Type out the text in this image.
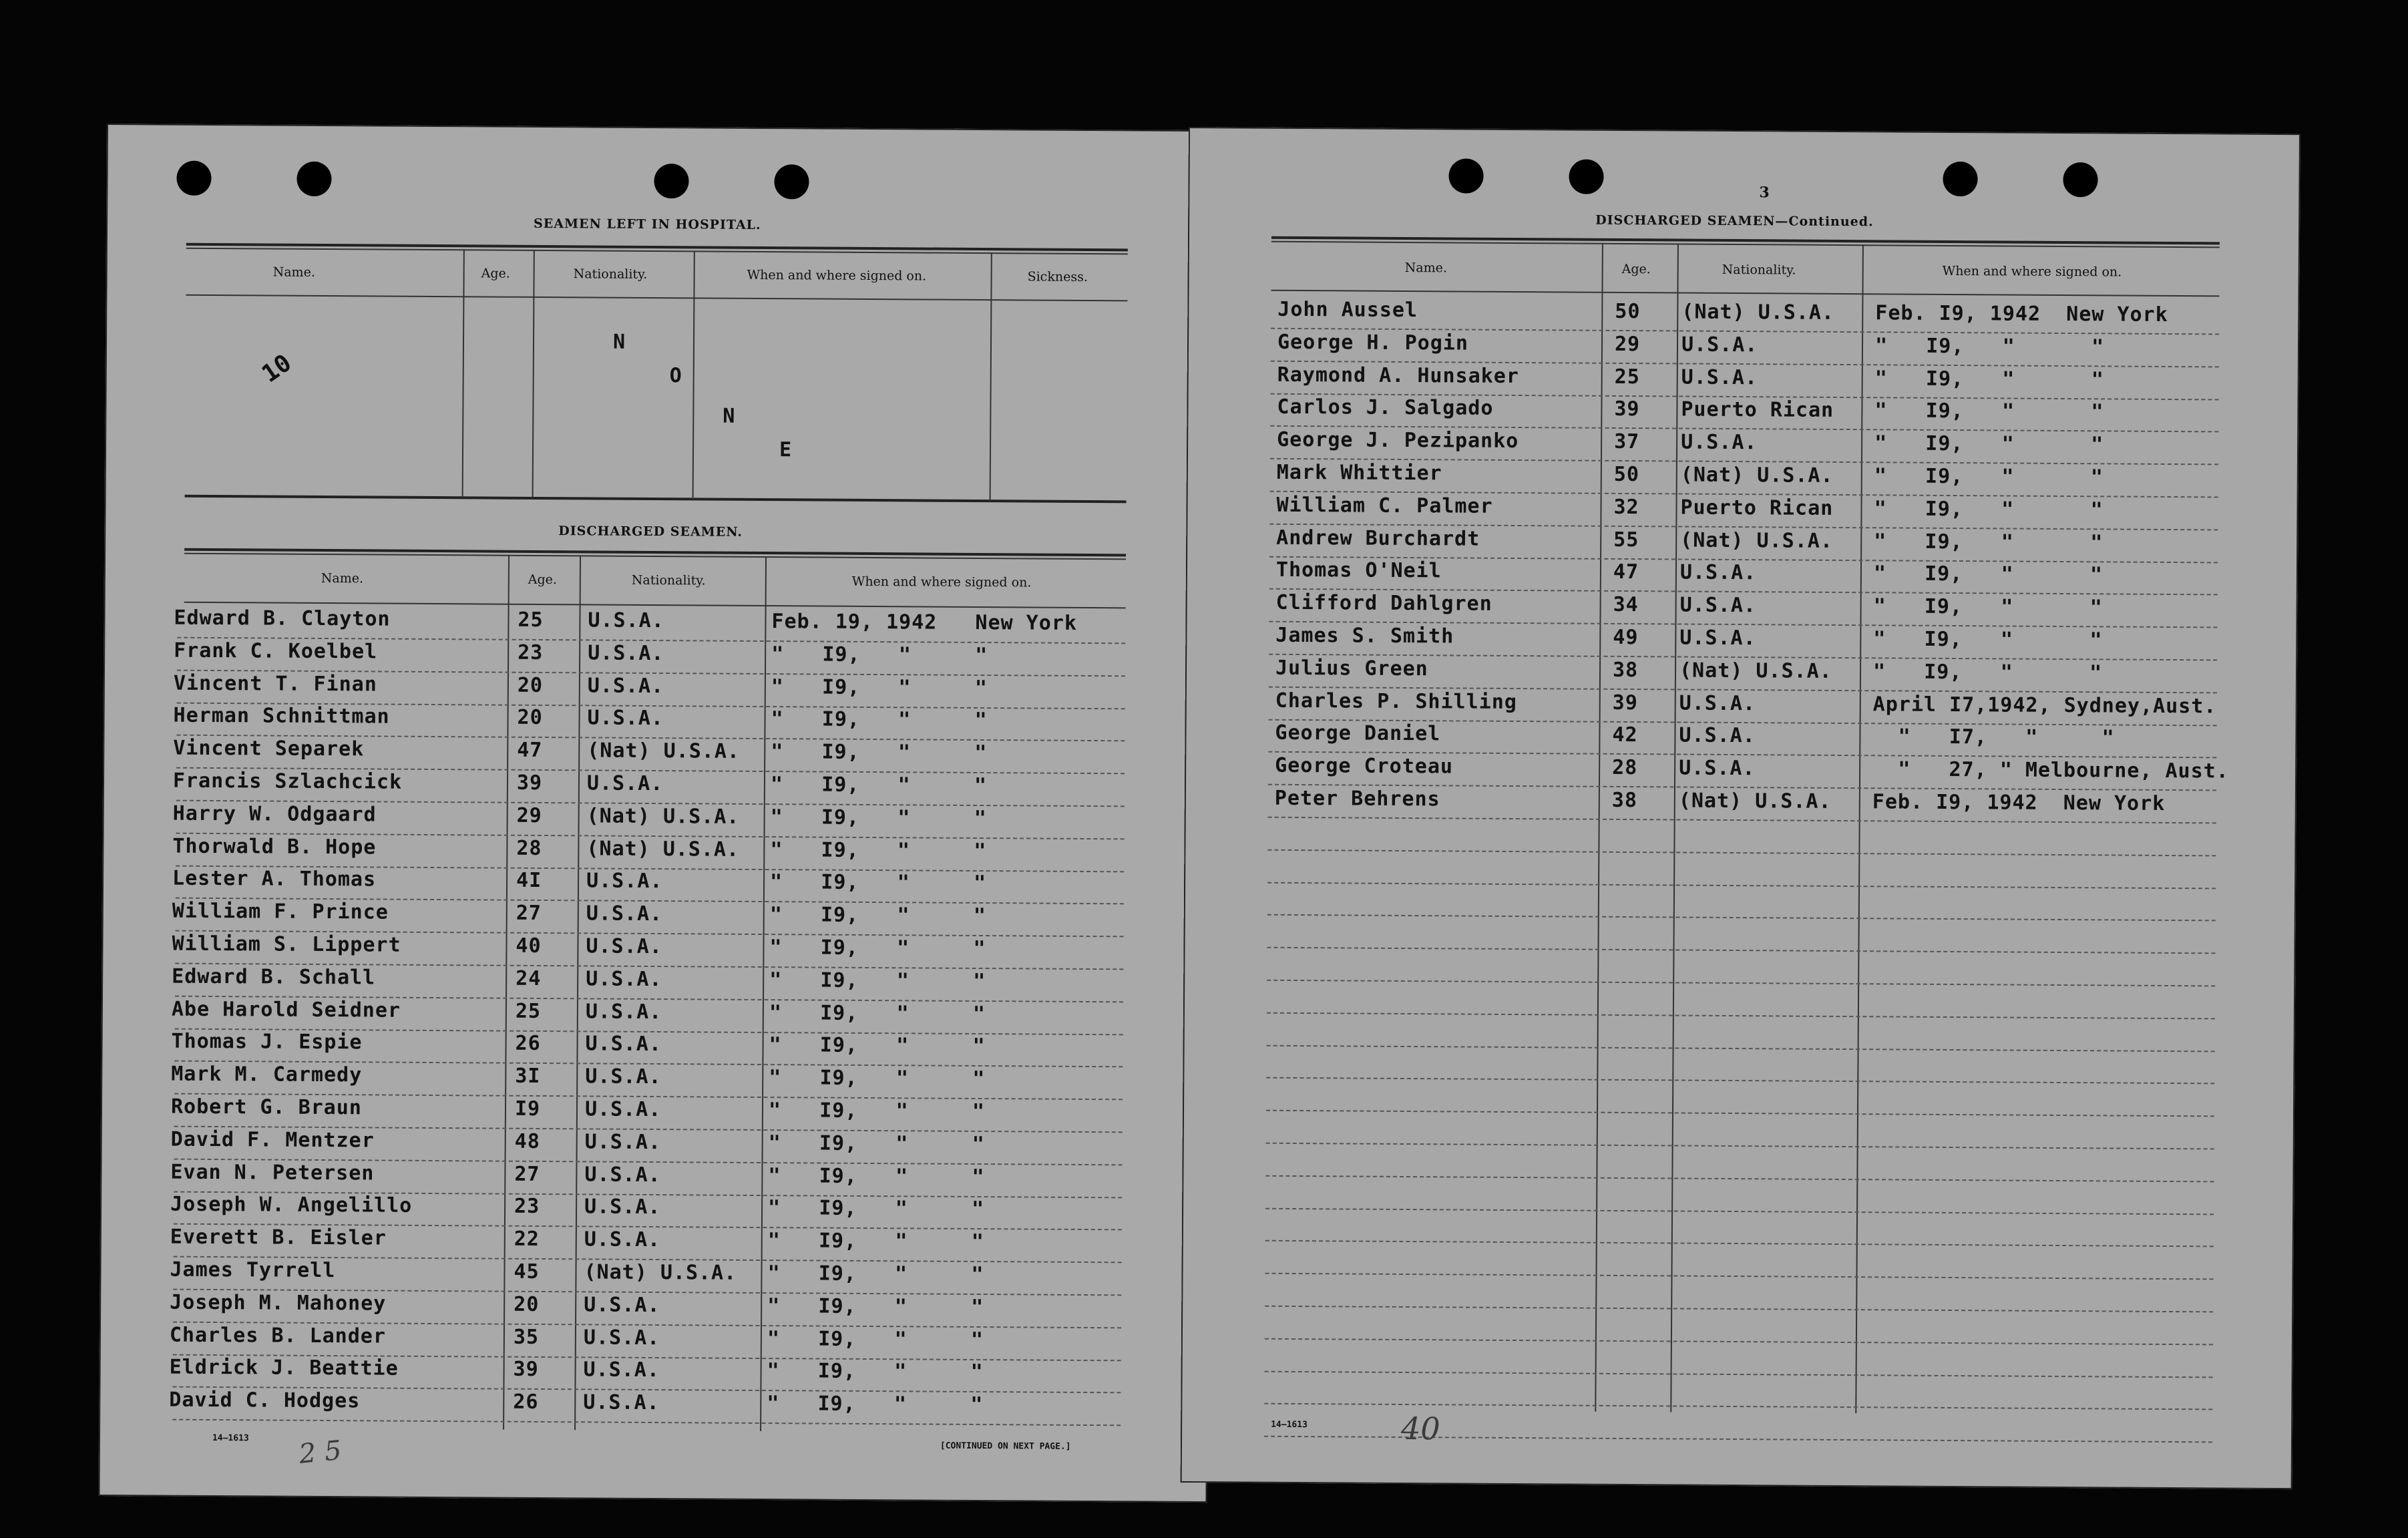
SEAMEN LEFT IN HOSPITAL.
Name.	Age.	Nationality.	When and where signed on.	Sickness.
N
O
N
E
10
DISCHARGED SEAMEN.
Name.	Age.	Nationality.	When and where signed on.
Edward B. Clayton	25 U.S.A.	Feb. 19, 1942   New York
Frank C. Koelbel	23 U.S.A.	"   I9,   "     "
Vincent T. Finan	20 U.S.A.	"   I9,   "     "
Herman Schnittman	20 U.S.A.	"   I9,   "     "
Vincent Separek	47 (Nat) U.S.A. "   I9,   "     "
Francis Szlachcick	39 U.S.A.	"   I9,   "     "
Harry W. Odgaard	29 (Nat) U.S.A. "   I9,   "     "
Thorwald B. Hope	28 (Nat) U.S.A. "   I9,   "     "
Lester A. Thomas	4I U.S.A.	"   I9,   "     "
William F. Prince	27 U.S.A.	"   I9,   "     "
William S. Lippert	40 U.S.A.	"   I9,   "     "
Edward B. Schall	24 U.S.A.	"   I9,   "     "
Abe Harold Seidner	25 U.S.A.	"   I9,   "     "
Thomas J. Espie	26 U.S.A.	"   I9,   "     "
Mark M. Carmedy	3I U.S.A.	"   I9,   "     "
Robert G. Braun	I9 U.S.A.	"   I9,   "     "
David F. Mentzer	48 U.S.A.	"   I9,   "     "
Evan N. Petersen	27 U.S.A.	"   I9,   "     "
Joseph W. Angelillo	23 U.S.A.	"   I9,   "     "
Everett B. Eisler	22 U.S.A.	"   I9,   "     "
James Tyrrell	45 (Nat) U.S.A. "   I9,   "     "
Joseph M. Mahoney	20 U.S.A.	"   I9,   "     "
Charles B. Lander	35 U.S.A.	"   I9,   "     "
Eldrick J. Beattie	39 U.S.A.	"   I9,   "     "
David C. Hodges	26 U.S.A.	"   I9,   "     "
14—1613 2 5	[CONTINUED ON NEXT PAGE.]
3
DISCHARGED SEAMEN—Continued.
Name.	Age.	Nationality.	When and where signed on.
John Aussel	50 (Nat) U.S.A. Feb. I9, 1942  New York
George H. Pogin	29 U.S.A.	"   I9,   "      "
Raymond A. Hunsaker	25 U.S.A.	"   I9,   "      "
Carlos J. Salgado	39 Puerto Rican "   I9,   "      "
George J. Pezipanko	37 U.S.A.	"   I9,   "      "
Mark Whittier	50 (Nat) U.S.A. "   I9,   "      "
William C. Palmer	32 Puerto Rican "   I9,   "      "
Andrew Burchardt	55 (Nat) U.S.A. "   I9,   "      "
Thomas O'Neil	47 U.S.A.	"   I9,   "      "
Clifford Dahlgren	34 U.S.A.	"   I9,   "      "
James S. Smith	49 U.S.A.	"   I9,   "      "
Julius Green	38 (Nat) U.S.A. "   I9,   "      "
Charles P. Shilling	39 U.S.A.	April I7,1942, Sydney,Aust.
George Daniel	42 U.S.A.	"   I7,   "     "
George Croteau	28 U.S.A.	"   27, " Melbourne, Aust.
Peter Behrens	38 (Nat) U.S.A. Feb. I9, 1942  New York
14—1613	40
